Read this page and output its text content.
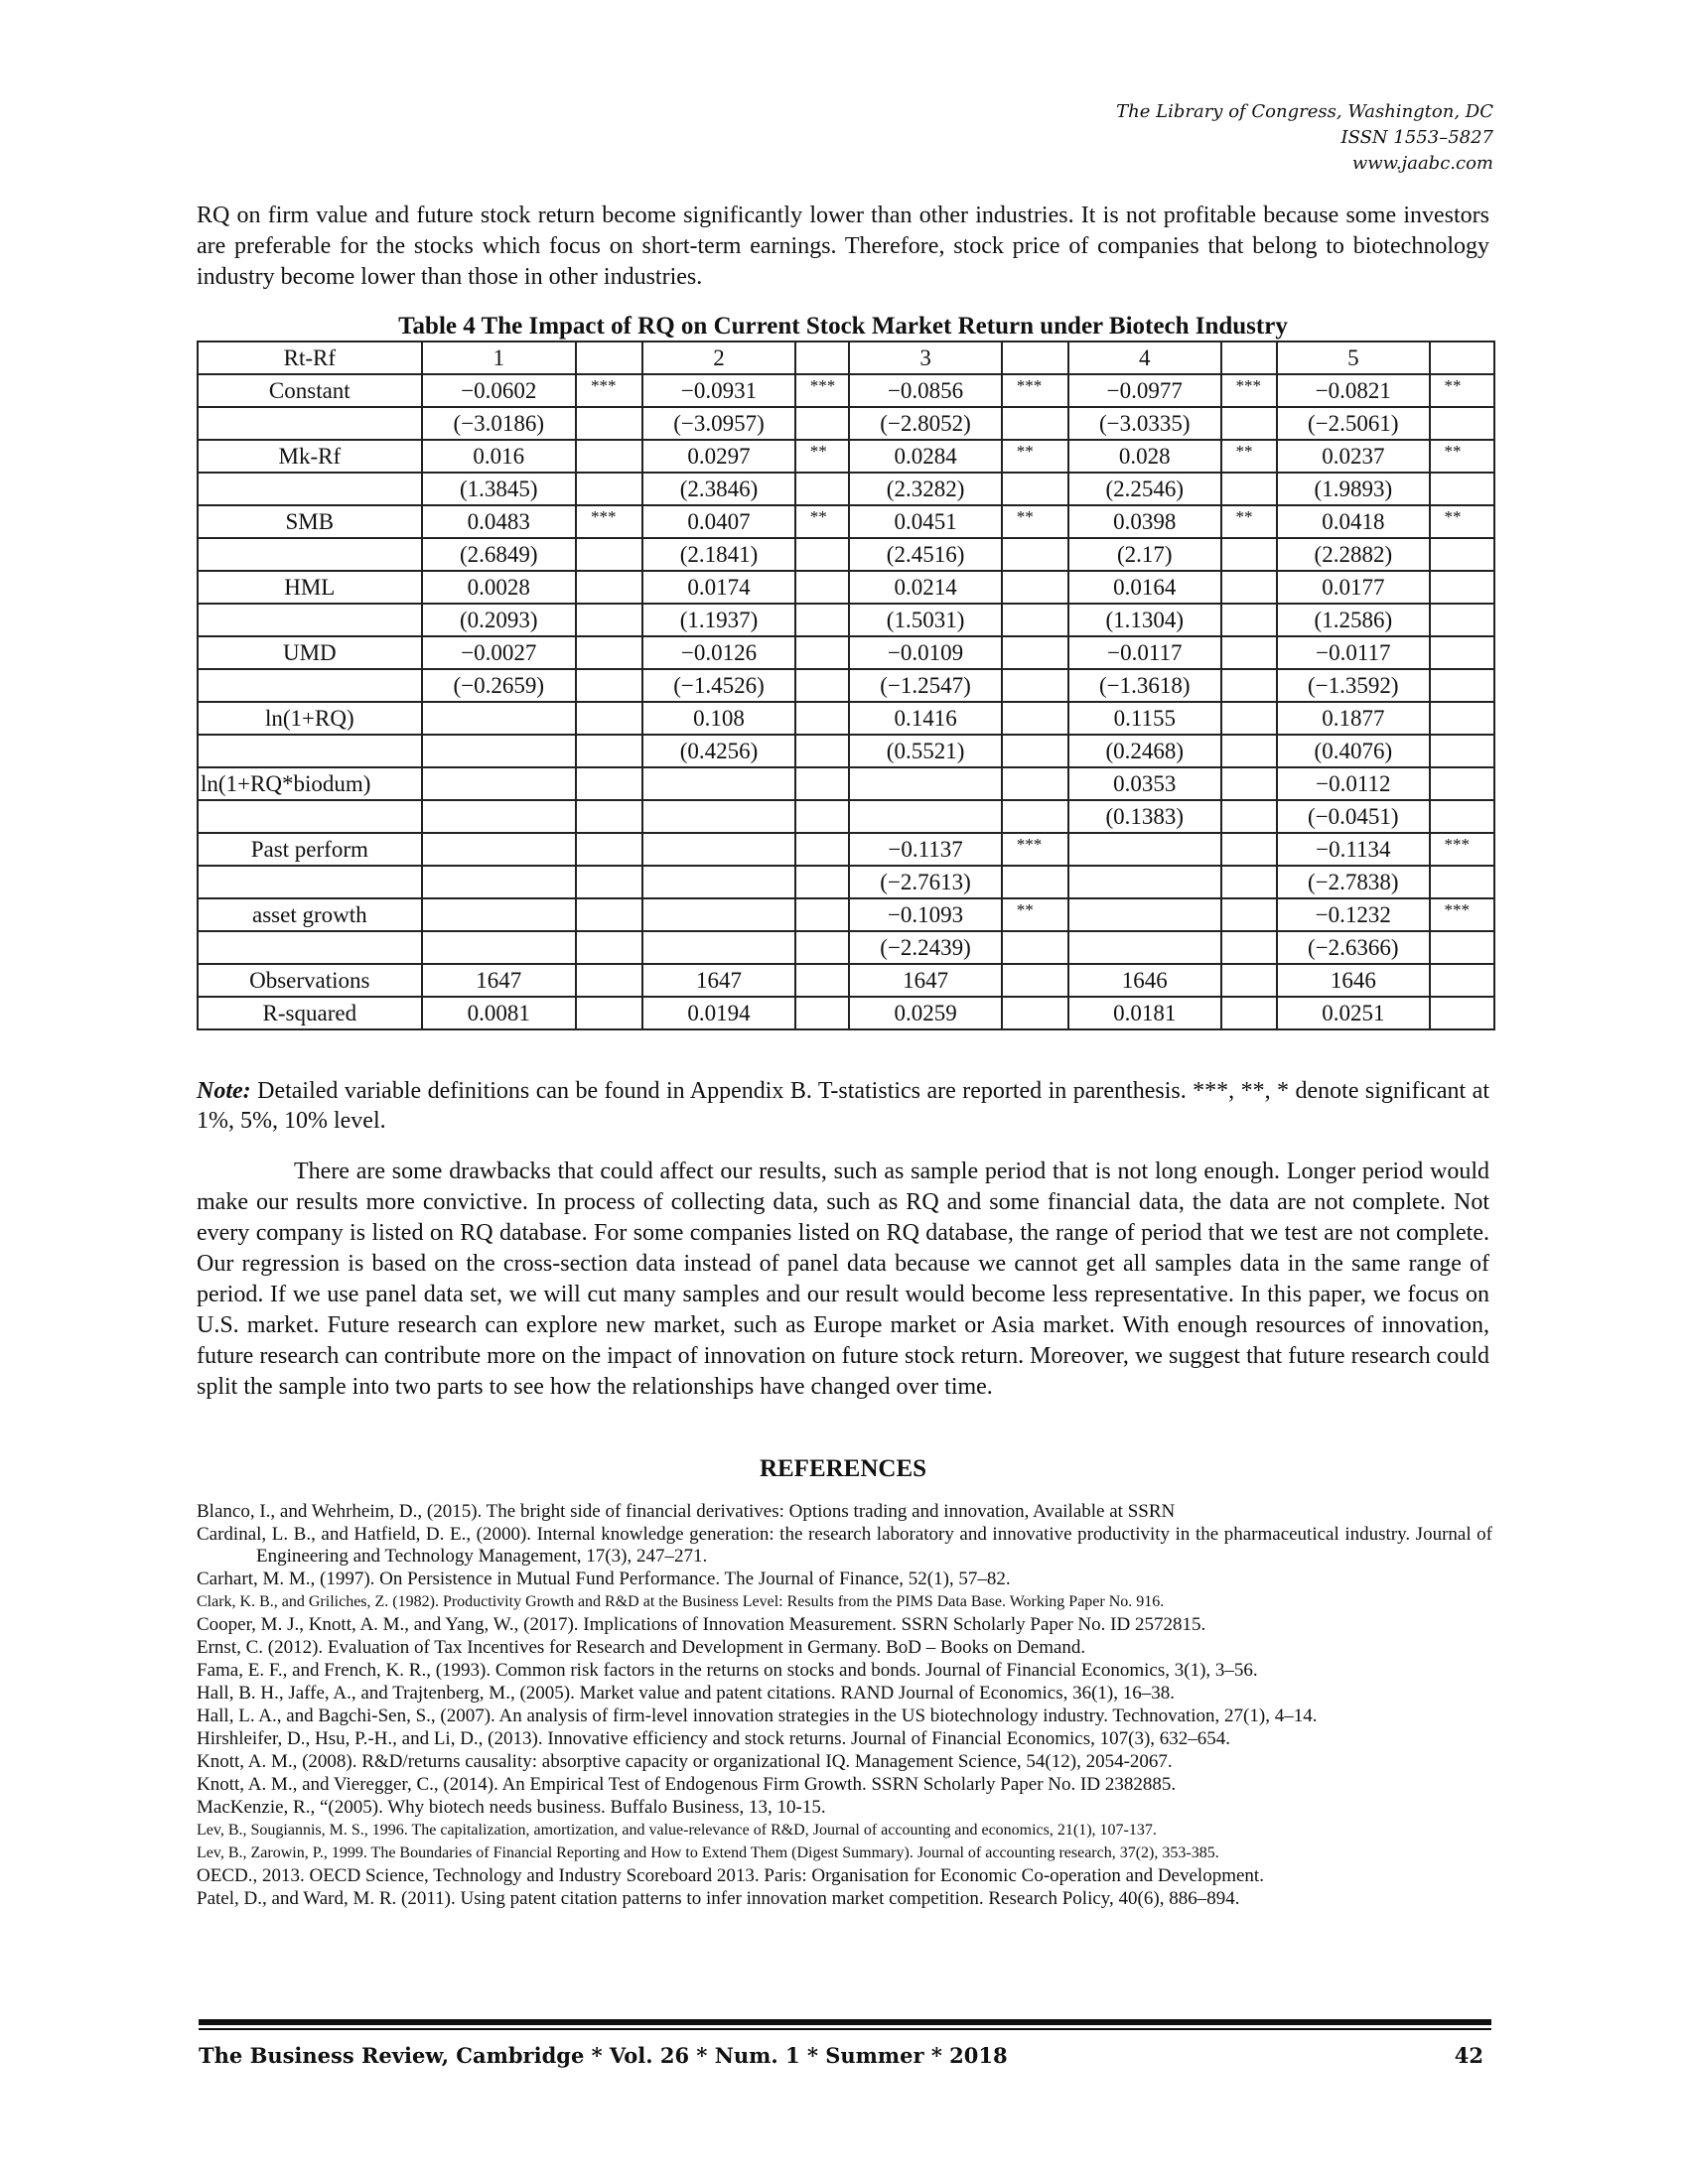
The Library of Congress, Washington, DC
ISSN 1553–5827
www.jaabc.com

RQ on firm value and future stock return become significantly lower than other industries. It is not profitable because some investors are preferable for the stocks which focus on short-term earnings. Therefore, stock price of companies that belong to biotechnology industry become lower than those in other industries.

Table 4 The Impact of RQ on Current Stock Market Return under Biotech Industry
Rt-Rf	1		2		3		4		5	
Constant	−0.0602	***	−0.0931	***	−0.0856	***	−0.0977	***	−0.0821	**
	(−3.0186)		(−3.0957)		(−2.8052)		(−3.0335)		(−2.5061)	
Mk-Rf	0.016		0.0297	**	0.0284	**	0.028	**	0.0237	**
	(1.3845)		(2.3846)		(2.3282)		(2.2546)		(1.9893)	
SMB	0.0483	***	0.0407	**	0.0451	**	0.0398	**	0.0418	**
	(2.6849)		(2.1841)		(2.4516)		(2.17)		(2.2882)	
HML	0.0028		0.0174		0.0214		0.0164		0.0177	
	(0.2093)		(1.1937)		(1.5031)		(1.1304)		(1.2586)	
UMD	−0.0027		−0.0126		−0.0109		−0.0117		−0.0117	
	(−0.2659)		(−1.4526)		(−1.2547)		(−1.3618)		(−1.3592)	
ln(1+RQ)			0.108		0.1416		0.1155		0.1877	
			(0.4256)		(0.5521)		(0.2468)		(0.4076)	
ln(1+RQ*biodum)							0.0353		−0.0112	
							(0.1383)		(−0.0451)	
Past perform					−0.1137	***			−0.1134	***
					(−2.7613)				(−2.7838)	
asset growth					−0.1093	**			−0.1232	***
					(−2.2439)				(−2.6366)	
Observations	1647		1647		1647		1646		1646	
R-squared	0.0081		0.0194		0.0259		0.0181		0.0251	
Note: Detailed variable definitions can be found in Appendix B. T-statistics are reported in parenthesis. ***, **, * denote significant at 1%, 5%, 10% level.

There are some drawbacks that could affect our results, such as sample period that is not long enough. Longer period would make our results more convictive. In process of collecting data, such as RQ and some financial data, the data are not complete. Not every company is listed on RQ database. For some companies listed on RQ database, the range of period that we test are not complete. Our regression is based on the cross-section data instead of panel data because we cannot get all samples data in the same range of period. If we use panel data set, we will cut many samples and our result would become less representative. In this paper, we focus on U.S. market. Future research can explore new market, such as Europe market or Asia market. With enough resources of innovation, future research can contribute more on the impact of innovation on future stock return. Moreover, we suggest that future research could split the sample into two parts to see how the relationships have changed over time.

REFERENCES
Blanco, I., and Wehrheim, D., (2015). The bright side of financial derivatives: Options trading and innovation, Available at SSRN
Cardinal, L. B., and Hatfield, D. E., (2000). Internal knowledge generation: the research laboratory and innovative productivity in the pharmaceutical industry. Journal of Engineering and Technology Management, 17(3), 247–271.
Carhart, M. M., (1997). On Persistence in Mutual Fund Performance. The Journal of Finance, 52(1), 57–82.
Clark, K. B., and Griliches, Z. (1982). Productivity Growth and R&D at the Business Level: Results from the PIMS Data Base. Working Paper No. 916.
Cooper, M. J., Knott, A. M., and Yang, W., (2017). Implications of Innovation Measurement. SSRN Scholarly Paper No. ID 2572815.
Ernst, C. (2012). Evaluation of Tax Incentives for Research and Development in Germany. BoD – Books on Demand.
Fama, E. F., and French, K. R., (1993). Common risk factors in the returns on stocks and bonds. Journal of Financial Economics, 3(1), 3–56.
Hall, B. H., Jaffe, A., and Trajtenberg, M., (2005). Market value and patent citations. RAND Journal of Economics, 36(1), 16–38.
Hall, L. A., and Bagchi-Sen, S., (2007). An analysis of firm-level innovation strategies in the US biotechnology industry. Technovation, 27(1), 4–14.
Hirshleifer, D., Hsu, P.-H., and Li, D., (2013). Innovative efficiency and stock returns. Journal of Financial Economics, 107(3), 632–654.
Knott, A. M., (2008). R&D/returns causality: absorptive capacity or organizational IQ. Management Science, 54(12), 2054-2067.
Knott, A. M., and Vieregger, C., (2014). An Empirical Test of Endogenous Firm Growth. SSRN Scholarly Paper No. ID 2382885.
MacKenzie, R., “(2005). Why biotech needs business. Buffalo Business, 13, 10-15.
Lev, B., Sougiannis, M. S., 1996. The capitalization, amortization, and value-relevance of R&D, Journal of accounting and economics, 21(1), 107-137.
Lev, B., Zarowin, P., 1999. The Boundaries of Financial Reporting and How to Extend Them (Digest Summary). Journal of accounting research, 37(2), 353-385.
OECD., 2013. OECD Science, Technology and Industry Scoreboard 2013. Paris: Organisation for Economic Co-operation and Development.
Patel, D., and Ward, M. R. (2011). Using patent citation patterns to infer innovation market competition. Research Policy, 40(6), 886–894.
The Business Review, Cambridge * Vol. 26 * Num. 1 * Summer * 2018	42
